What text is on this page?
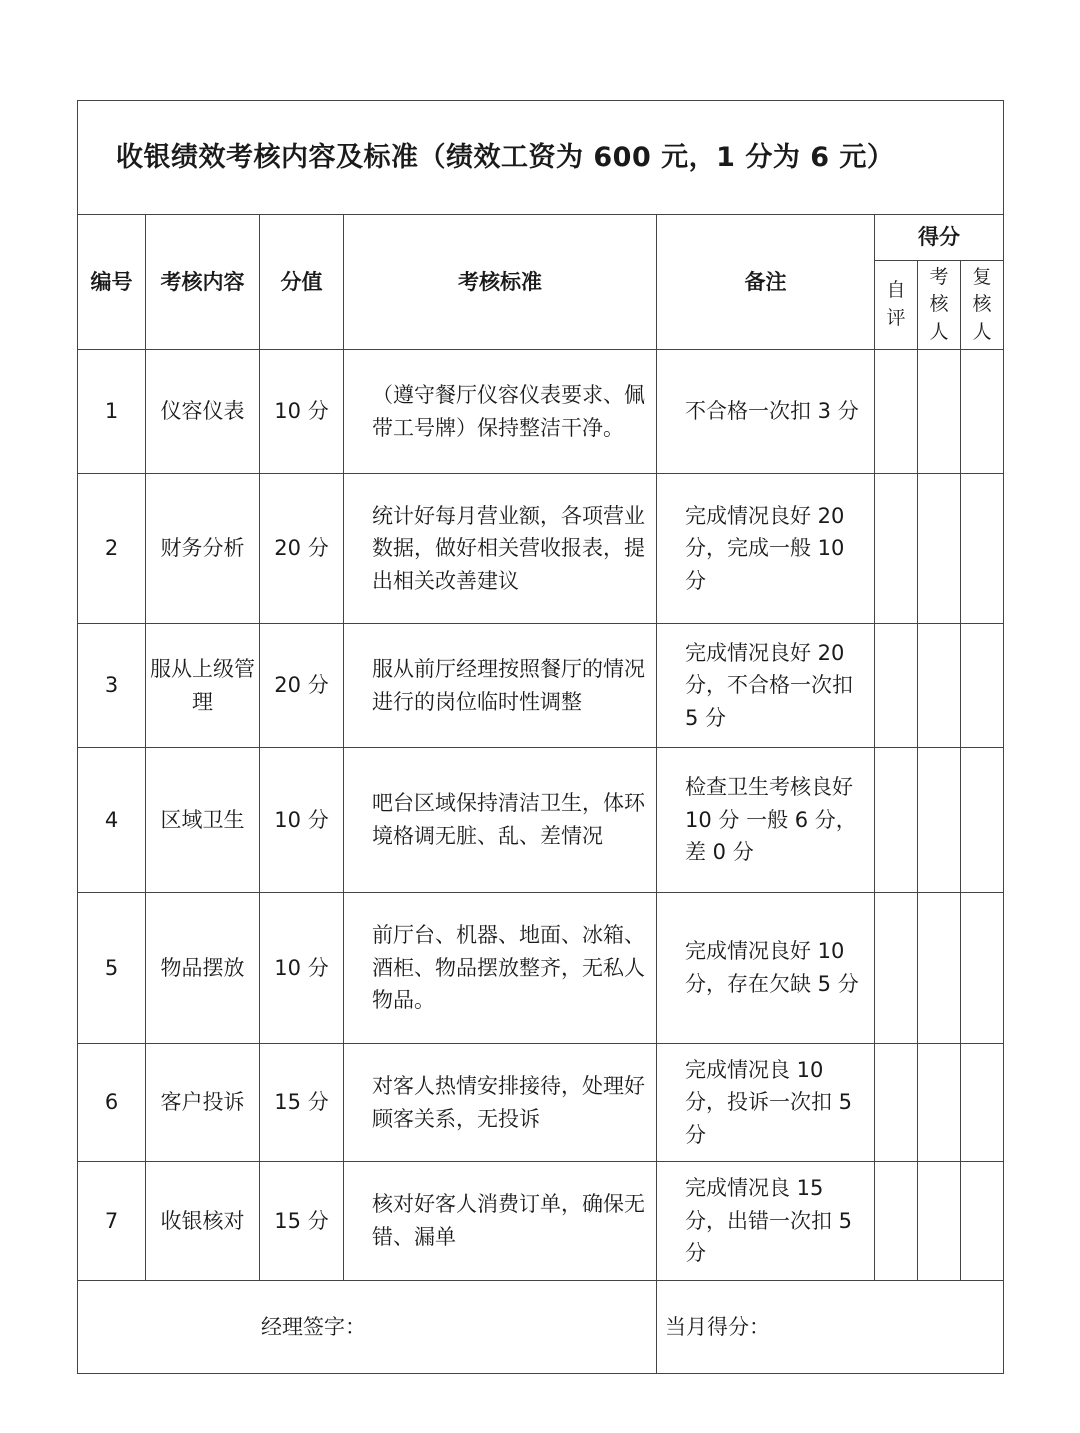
收银绩效考核内容及标准（绩效工资为 600 元，1 分为 6 元）							
编号	考核内容	分值	考核标准	备注	得分		
					自评	考核人	复核人
1	仪容仪表	10 分	（遵守餐厅仪容仪表要求、佩带工号牌）保持整洁干净。	不合格一次扣 3 分			
2	财务分析	20 分	统计好每月营业额，各项营业数据，做好相关营收报表，提出相关改善建议	完成情况良好 20 分，完成一般 10 分			
3	服从上级管理	20 分	服从前厅经理按照餐厅的情况进行的岗位临时性调整	完成情况良好 20 分，不合格一次扣 5 分			
4	区域卫生	10 分	吧台区域保持清洁卫生，体环境格调无脏、乱、差情况	检查卫生考核良好 10 分 一般 6 分，差 0 分			
5	物品摆放	10 分	前厅台、机器、地面、冰箱、酒柜、物品摆放整齐，无私人物品。	完成情况良好 10 分，存在欠缺 5 分			
6	客户投诉	15 分	对客人热情安排接待，处理好顾客关系，无投诉	完成情况良 10 分，投诉一次扣 5 分			
7	收银核对	15 分	核对好客人消费订单，确保无错、漏单	完成情况良 15 分，出错一次扣 5 分			
经理签字：				当月得分：			
